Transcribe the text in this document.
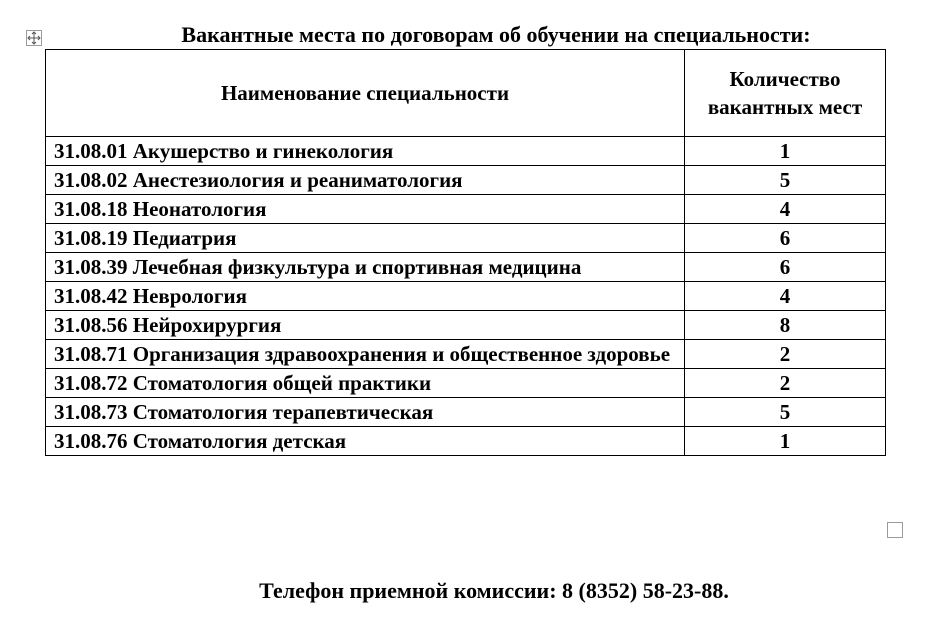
Вакантные места по договорам об обучении на специальности:
Наименование специальности	Количество вакантных мест
31.08.01 Акушерство и гинекология	1
31.08.02 Анестезиология и реаниматология	5
31.08.18 Неонатология	4
31.08.19 Педиатрия	6
31.08.39 Лечебная физкультура и спортивная медицина	6
31.08.42 Неврология	4
31.08.56 Нейрохирургия	8
31.08.71 Организация здравоохранения и общественное здоровье	2
31.08.72 Стоматология общей практики	2
31.08.73 Стоматология терапевтическая	5
31.08.76 Стоматология детская	1
Телефон приемной комиссии: 8 (8352) 58-23-88.
